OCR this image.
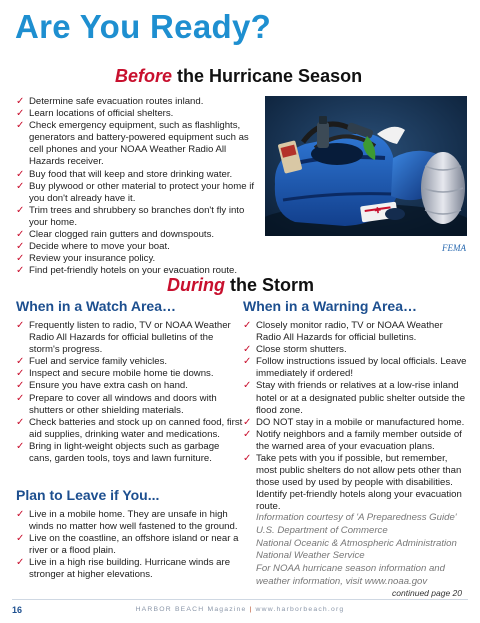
Are You Ready?
Before the Hurricane Season
✓ Determine safe evacuation routes inland.
✓ Learn locations of official shelters.
✓ Check emergency equipment, such as flashlights, generators and battery-powered equipment such as cell phones and your NOAA Weather Radio All Hazards receiver.
✓ Buy food that will keep and store drinking water.
✓ Buy plywood or other material to protect your home if you don't already have it.
✓ Trim trees and shrubbery so branches don't fly into your home.
✓ Clear clogged rain gutters and downspouts.
✓ Decide where to move your boat.
✓ Review your insurance policy.
✓ Find pet-friendly hotels on your evacuation route.
FEMA
During the Storm
When in a Watch Area…
✓ Frequently listen to radio, TV or NOAA Weather Radio All Hazards for official bulletins of the storm's progress.
✓ Fuel and service family vehicles.
✓ Inspect and secure mobile home tie downs.
✓ Ensure you have extra cash on hand.
✓ Prepare to cover all windows and doors with shutters or other shielding materials.
✓ Check batteries and stock up on canned food, first aid supplies, drinking water and medications.
✓ Bring in light-weight objects such as garbage cans, garden tools, toys and lawn furniture.
When in a Warning Area…
✓ Closely monitor radio, TV or NOAA Weather Radio All Hazards for official bulletins.
✓ Close storm shutters.
✓ Follow instructions issued by local officials. Leave immediately if ordered!
✓ Stay with friends or relatives at a low-rise inland hotel or at a designated public shelter outside the flood zone.
✓ DO NOT stay in a mobile or manufactured home.
✓ Notify neighbors and a family member outside of the warned area of your evacuation plans.
✓ Take pets with you if possible, but remember, most public shelters do not allow pets other than those used by used by people with disabilities. Identify pet-friendly hotels along your evacuation route.
Plan to Leave if You...
✓ Live in a mobile home. They are unsafe in high winds no matter how well fastened to the ground.
✓ Live on the coastline, an offshore island or near a river or a flood plain.
✓ Live in a high rise building. Hurricane winds are stronger at higher elevations.
Information courtesy of 'A Preparedness Guide'
U.S. Department of Commerce
National Oceanic & Atmospheric Administration
National Weather Service
For NOAA hurricane season information and
weather information, visit www.noaa.gov
continued page 20
16	HARBOR BEACH Magazine | www.harborbeach.org
